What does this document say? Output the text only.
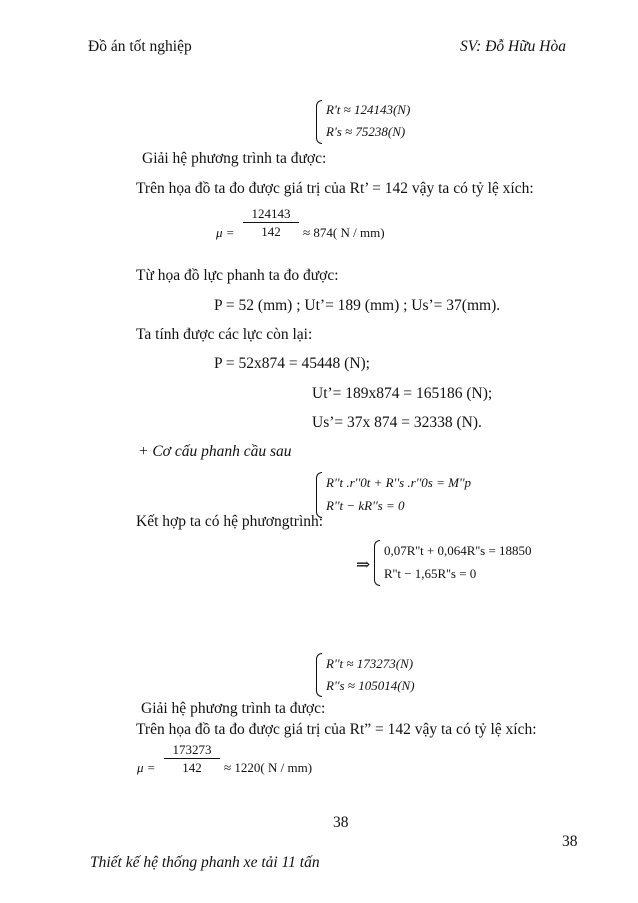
Đồ án tốt nghiệp	SV: Đỗ Hữu Hòa
R't ≈ 124143(N)
R's ≈ 75238(N)
Giải hệ phương trình ta được:
Trên họa đồ ta đo được giá trị của Rt’ = 142 vậy ta có tỷ lệ xích:
μ =
124143
142	≈ 874( N / mm)
Từ họa đồ lực phanh ta đo được:
P = 52 (mm) ; Ut’= 189 (mm) ; Us’= 37(mm).
Ta tính được các lực còn lại:
P = 52x874 = 45448 (N);
Ut’= 189x874 = 165186 (N);
Us’= 37x 874 = 32338 (N).
+ Cơ cấu phanh cầu sau
R''t .r''0t + R''s .r''0s = M''p
R''t − kR''s = 0
Kết hợp ta có hệ phươngtrình:
⇒
0,07R''t + 0,064R''s = 18850
R''t − 1,65R''s = 0
R''t ≈ 173273(N)
R''s ≈ 105014(N)
Giải hệ phương trình ta được:
Trên họa đồ ta đo được giá trị của Rt” = 142 vậy ta có tỷ lệ xích:
μ =
173273
142	≈ 1220( N / mm)
38
38
Thiết kế hệ thống phanh xe tải 11 tấn
